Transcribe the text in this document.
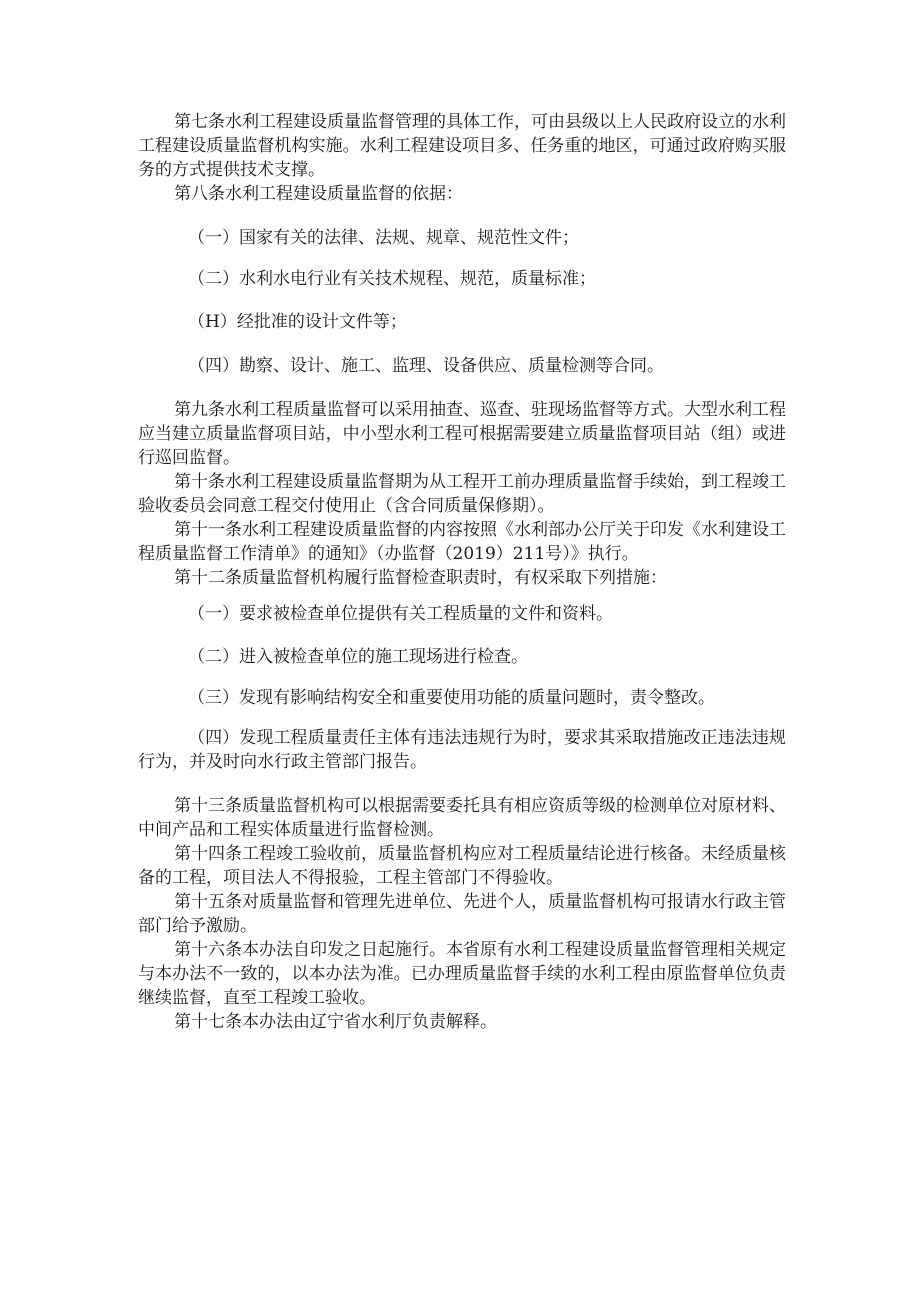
第七条水利工程建设质量监督管理的具体工作，可由县级以上人民政府设立的水利工程建设质量监督机构实施。水利工程建设项目多、任务重的地区，可通过政府购买服务的方式提供技术支撑。

第八条水利工程建设质量监督的依据：

（一）国家有关的法律、法规、规章、规范性文件；

（二）水利水电行业有关技术规程、规范，质量标准；

（H）经批准的设计文件等；

（四）勘察、设计、施工、监理、设备供应、质量检测等合同。

第九条水利工程质量监督可以采用抽查、巡查、驻现场监督等方式。大型水利工程应当建立质量监督项目站，中小型水利工程可根据需要建立质量监督项目站（组）或进行巡回监督。

第十条水利工程建设质量监督期为从工程开工前办理质量监督手续始，到工程竣工验收委员会同意工程交付使用止（含合同质量保修期）。

第十一条水利工程建设质量监督的内容按照《水利部办公厅关于印发《水利建设工程质量监督工作清单》的通知》（办监督（2019）211号）》执行。

第十二条质量监督机构履行监督检查职责时，有权采取下列措施：

（一）要求被检查单位提供有关工程质量的文件和资料。

（二）进入被检查单位的施工现场进行检查。

（三）发现有影响结构安全和重要使用功能的质量问题时，责令整改。

（四）发现工程质量责任主体有违法违规行为时，要求其采取措施改正违法违规行为，并及时向水行政主管部门报告。

第十三条质量监督机构可以根据需要委托具有相应资质等级的检测单位对原材料、中间产品和工程实体质量进行监督检测。

第十四条工程竣工验收前，质量监督机构应对工程质量结论进行核备。未经质量核备的工程，项目法人不得报验，工程主管部门不得验收。

第十五条对质量监督和管理先进单位、先进个人，质量监督机构可报请水行政主管部门给予激励。

第十六条本办法自印发之日起施行。本省原有水利工程建设质量监督管理相关规定与本办法不一致的，以本办法为准。已办理质量监督手续的水利工程由原监督单位负责继续监督，直至工程竣工验收。

第十七条本办法由辽宁省水利厅负责解释。
